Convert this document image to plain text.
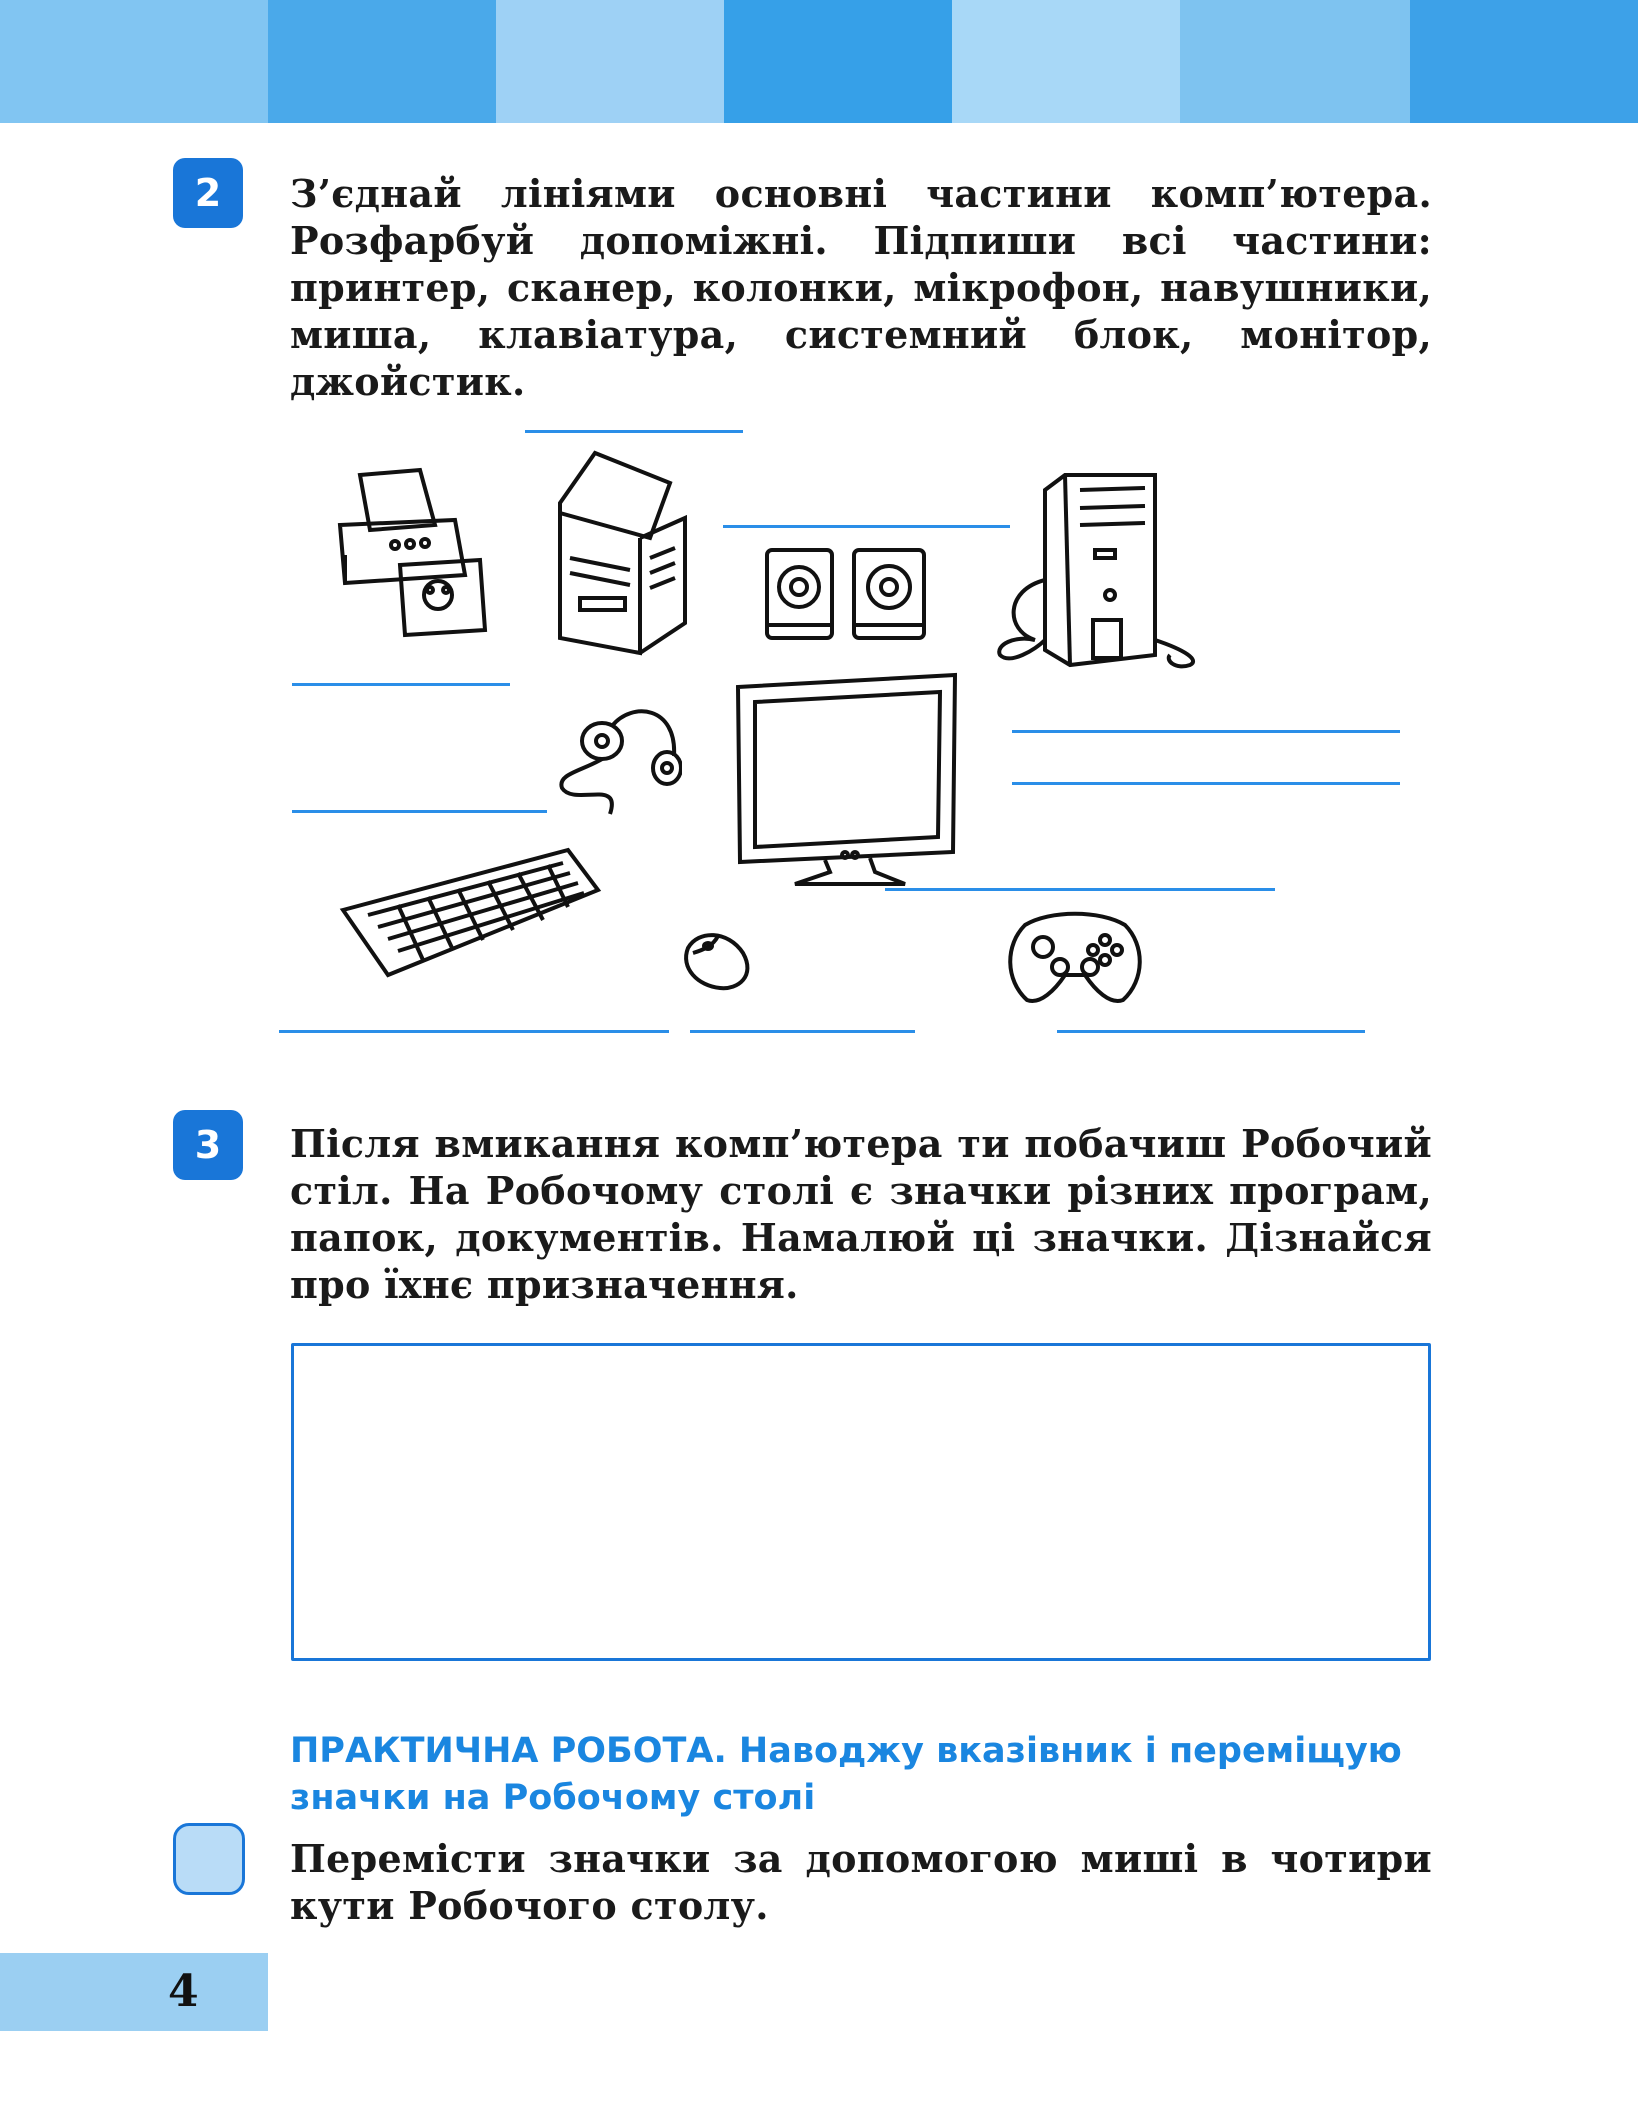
2	З’єднай лініями основні частини комп’ютера. Розфарбуй допоміжні. Підпиши всі частини: принтер, сканер, колонки, мікрофон, навушники, миша, клавіатура, системний блок, монітор, джойстик.
3	Після вмикання комп’ютера ти побачиш Робочий стіл. На Робочому столі є значки різних програм, папок, документів. Намалюй ці значки. Дізнайся про їхнє призначення.
ПРАКТИЧНА РОБОТА. Наводжу вказівник і переміщую значки на Робочому столі
Перемісти значки за допомогою миші в чотири кути Робочого столу.
4
